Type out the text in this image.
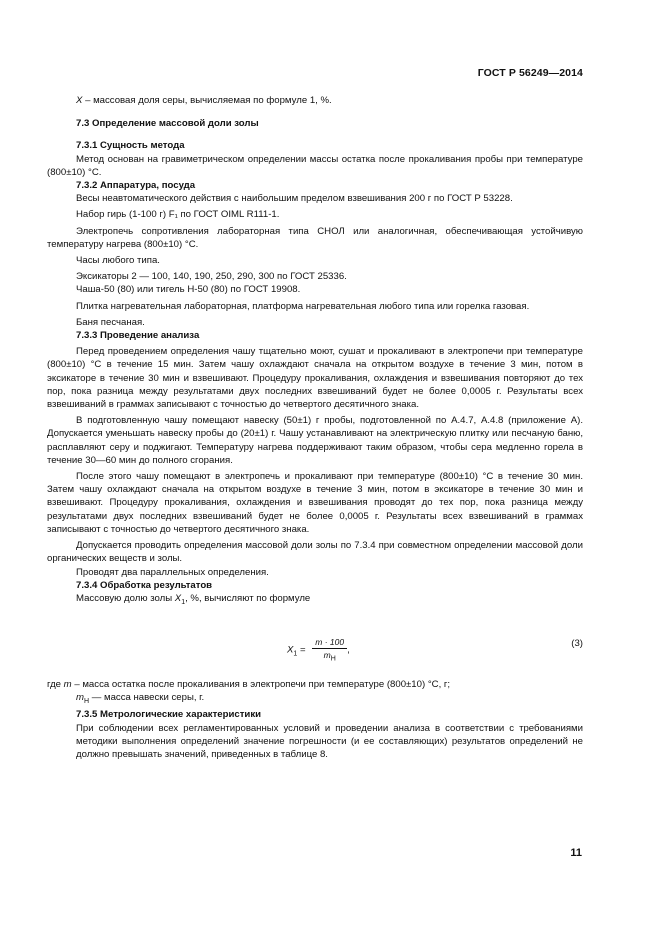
ГОСТ Р 56249—2014

X – массовая доля серы, вычисляемая по формуле 1, %.

7.3 Определение массовой доли золы

7.3.1 Сущность метода

Метод основан на гравиметрическом определении массы остатка после прокаливания пробы при температуре (800±10) °С.

7.3.2 Аппаратура, посуда

Весы неавтоматического действия с наибольшим пределом взвешивания 200 г по ГОСТ Р 53228.

Набор гирь (1-100 г) F₁ по ГОСТ OIML R111-1.

Электропечь сопротивления лабораторная типа СНОЛ или аналогичная, обеспечивающая устойчивую температуру нагрева (800±10) °С.

Часы любого типа.

Эксикаторы 2 — 100, 140, 190, 250, 290, 300 по ГОСТ 25336.

Чаша-50 (80) или тигель Н-50 (80) по ГОСТ 19908.

Плитка нагревательная лабораторная, платформа нагревательная любого типа или горелка газовая.

Баня песчаная.

7.3.3 Проведение анализа

Перед проведением определения чашу тщательно моют, сушат и прокаливают в электропечи при температуре (800±10) °С в течение 15 мин. Затем чашу охлаждают сначала на открытом воздухе в течение 3 мин, потом в эксикаторе в течение 30 мин и взвешивают. Процедуру прокаливания, охлаждения и взвешивания повторяют до тех пор, пока разница между результатами двух последних взвешиваний будет не более 0,0005 г. Результаты всех взвешиваний в граммах записывают с точностью до четвертого десятичного знака.

В подготовленную чашу помещают навеску (50±1) г пробы, подготовленной по А.4.7, А.4.8 (приложение А). Допускается уменьшать навеску пробы до (20±1) г. Чашу устанавливают на электрическую плитку или песчаную баню, расплавляют серу и поджигают. Температуру нагрева поддерживают таким образом, чтобы сера медленно горела в течение 30—60 мин до полного сгорания.

После этого чашу помещают в электропечь и прокаливают при температуре (800±10) °С в течение 30 мин. Затем чашу охлаждают сначала на открытом воздухе в течение 3 мин, потом в эксикаторе в течение 30 мин и взвешивают. Процедуру прокаливания, охлаждения и взвешивания проводят до тех пор, пока разница между результатами двух последних взвешиваний будет не более 0,0005 г. Результаты всех взвешиваний в граммах записывают с точностью до четвертого десятичного знака.

Допускается проводить определения массовой доли золы по 7.3.4 при совместном определении массовой доли органических веществ и золы.

Проводят два параллельных определения.

7.3.4 Обработка результатов

Массовую долю золы $X_1$, %, вычисляют по формуле

$X_1 = \frac{m \cdot 100}{m_Н}$ ,
(3)

где m – масса остатка после прокаливания в электропечи при температуре (800±10) °С, г;

$m_Н$ — масса навески серы, г.

7.3.5 Метрологические характеристики

При соблюдении всех регламентированных условий и проведении анализа в соответствии с требованиями методики выполнения определений значение погрешности (и ее составляющих) результатов определений не должно превышать значений, приведенных в таблице 8.

11
